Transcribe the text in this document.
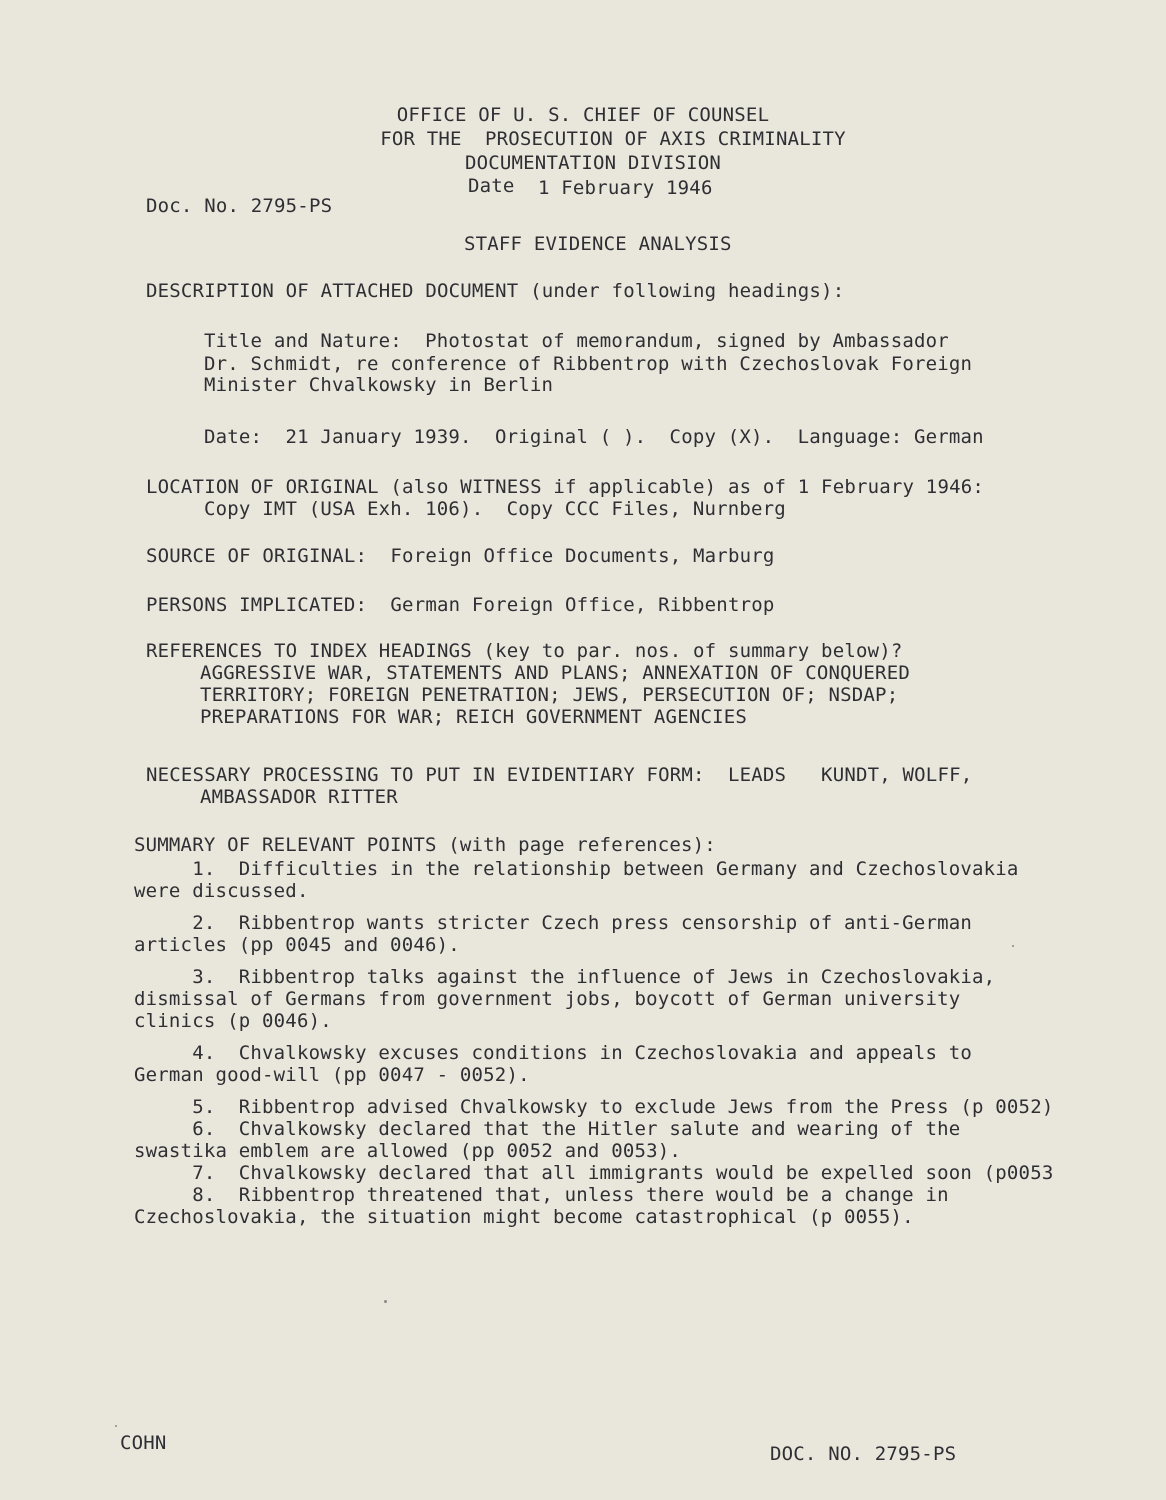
OFFICE OF U. S. CHIEF OF COUNSEL
FOR THE  PROSECUTION OF AXIS CRIMINALITY
DOCUMENTATION DIVISION
Date 1 February 1946
Doc. No. 2795-PS
STAFF EVIDENCE ANALYSIS
DESCRIPTION OF ATTACHED DOCUMENT (under following headings):
Title and Nature:  Photostat of memorandum, signed by Ambassador
Dr. Schmidt, re conference of Ribbentrop with Czechoslovak Foreign
Minister Chvalkowsky in Berlin
Date:  21 January 1939.  Original ( ).  Copy (X).  Language: German
LOCATION OF ORIGINAL (also WITNESS if applicable) as of 1 February 1946:
Copy IMT (USA Exh. 106).  Copy CCC Files, Nurnberg
SOURCE OF ORIGINAL:  Foreign Office Documents, Marburg
PERSONS IMPLICATED:  German Foreign Office, Ribbentrop
REFERENCES TO INDEX HEADINGS (key to par. nos. of summary below)?
AGGRESSIVE WAR, STATEMENTS AND PLANS; ANNEXATION OF CONQUERED
TERRITORY; FOREIGN PENETRATION; JEWS, PERSECUTION OF; NSDAP;
PREPARATIONS FOR WAR; REICH GOVERNMENT AGENCIES
NECESSARY PROCESSING TO PUT IN EVIDENTIARY FORM:  LEADS   KUNDT, WOLFF,
AMBASSADOR RITTER
SUMMARY OF RELEVANT POINTS (with page references):
1.  Difficulties in the relationship between Germany and Czechoslovakia
were discussed.
2.  Ribbentrop wants stricter Czech press censorship of anti-German
articles (pp 0045 and 0046).
3.  Ribbentrop talks against the influence of Jews in Czechoslovakia,
dismissal of Germans from government jobs, boycott of German university
clinics (p 0046).
4.  Chvalkowsky excuses conditions in Czechoslovakia and appeals to
German good-will (pp 0047 - 0052).
5.  Ribbentrop advised Chvalkowsky to exclude Jews from the Press (p 0052)
6.  Chvalkowsky declared that the Hitler salute and wearing of the
swastika emblem are allowed (pp 0052 and 0053).
7.  Chvalkowsky declared that all immigrants would be expelled soon (p0053
8.  Ribbentrop threatened that, unless there would be a change in
Czechoslovakia, the situation might become catastrophical (p 0055).
COHN	DOC. NO. 2795-PS
